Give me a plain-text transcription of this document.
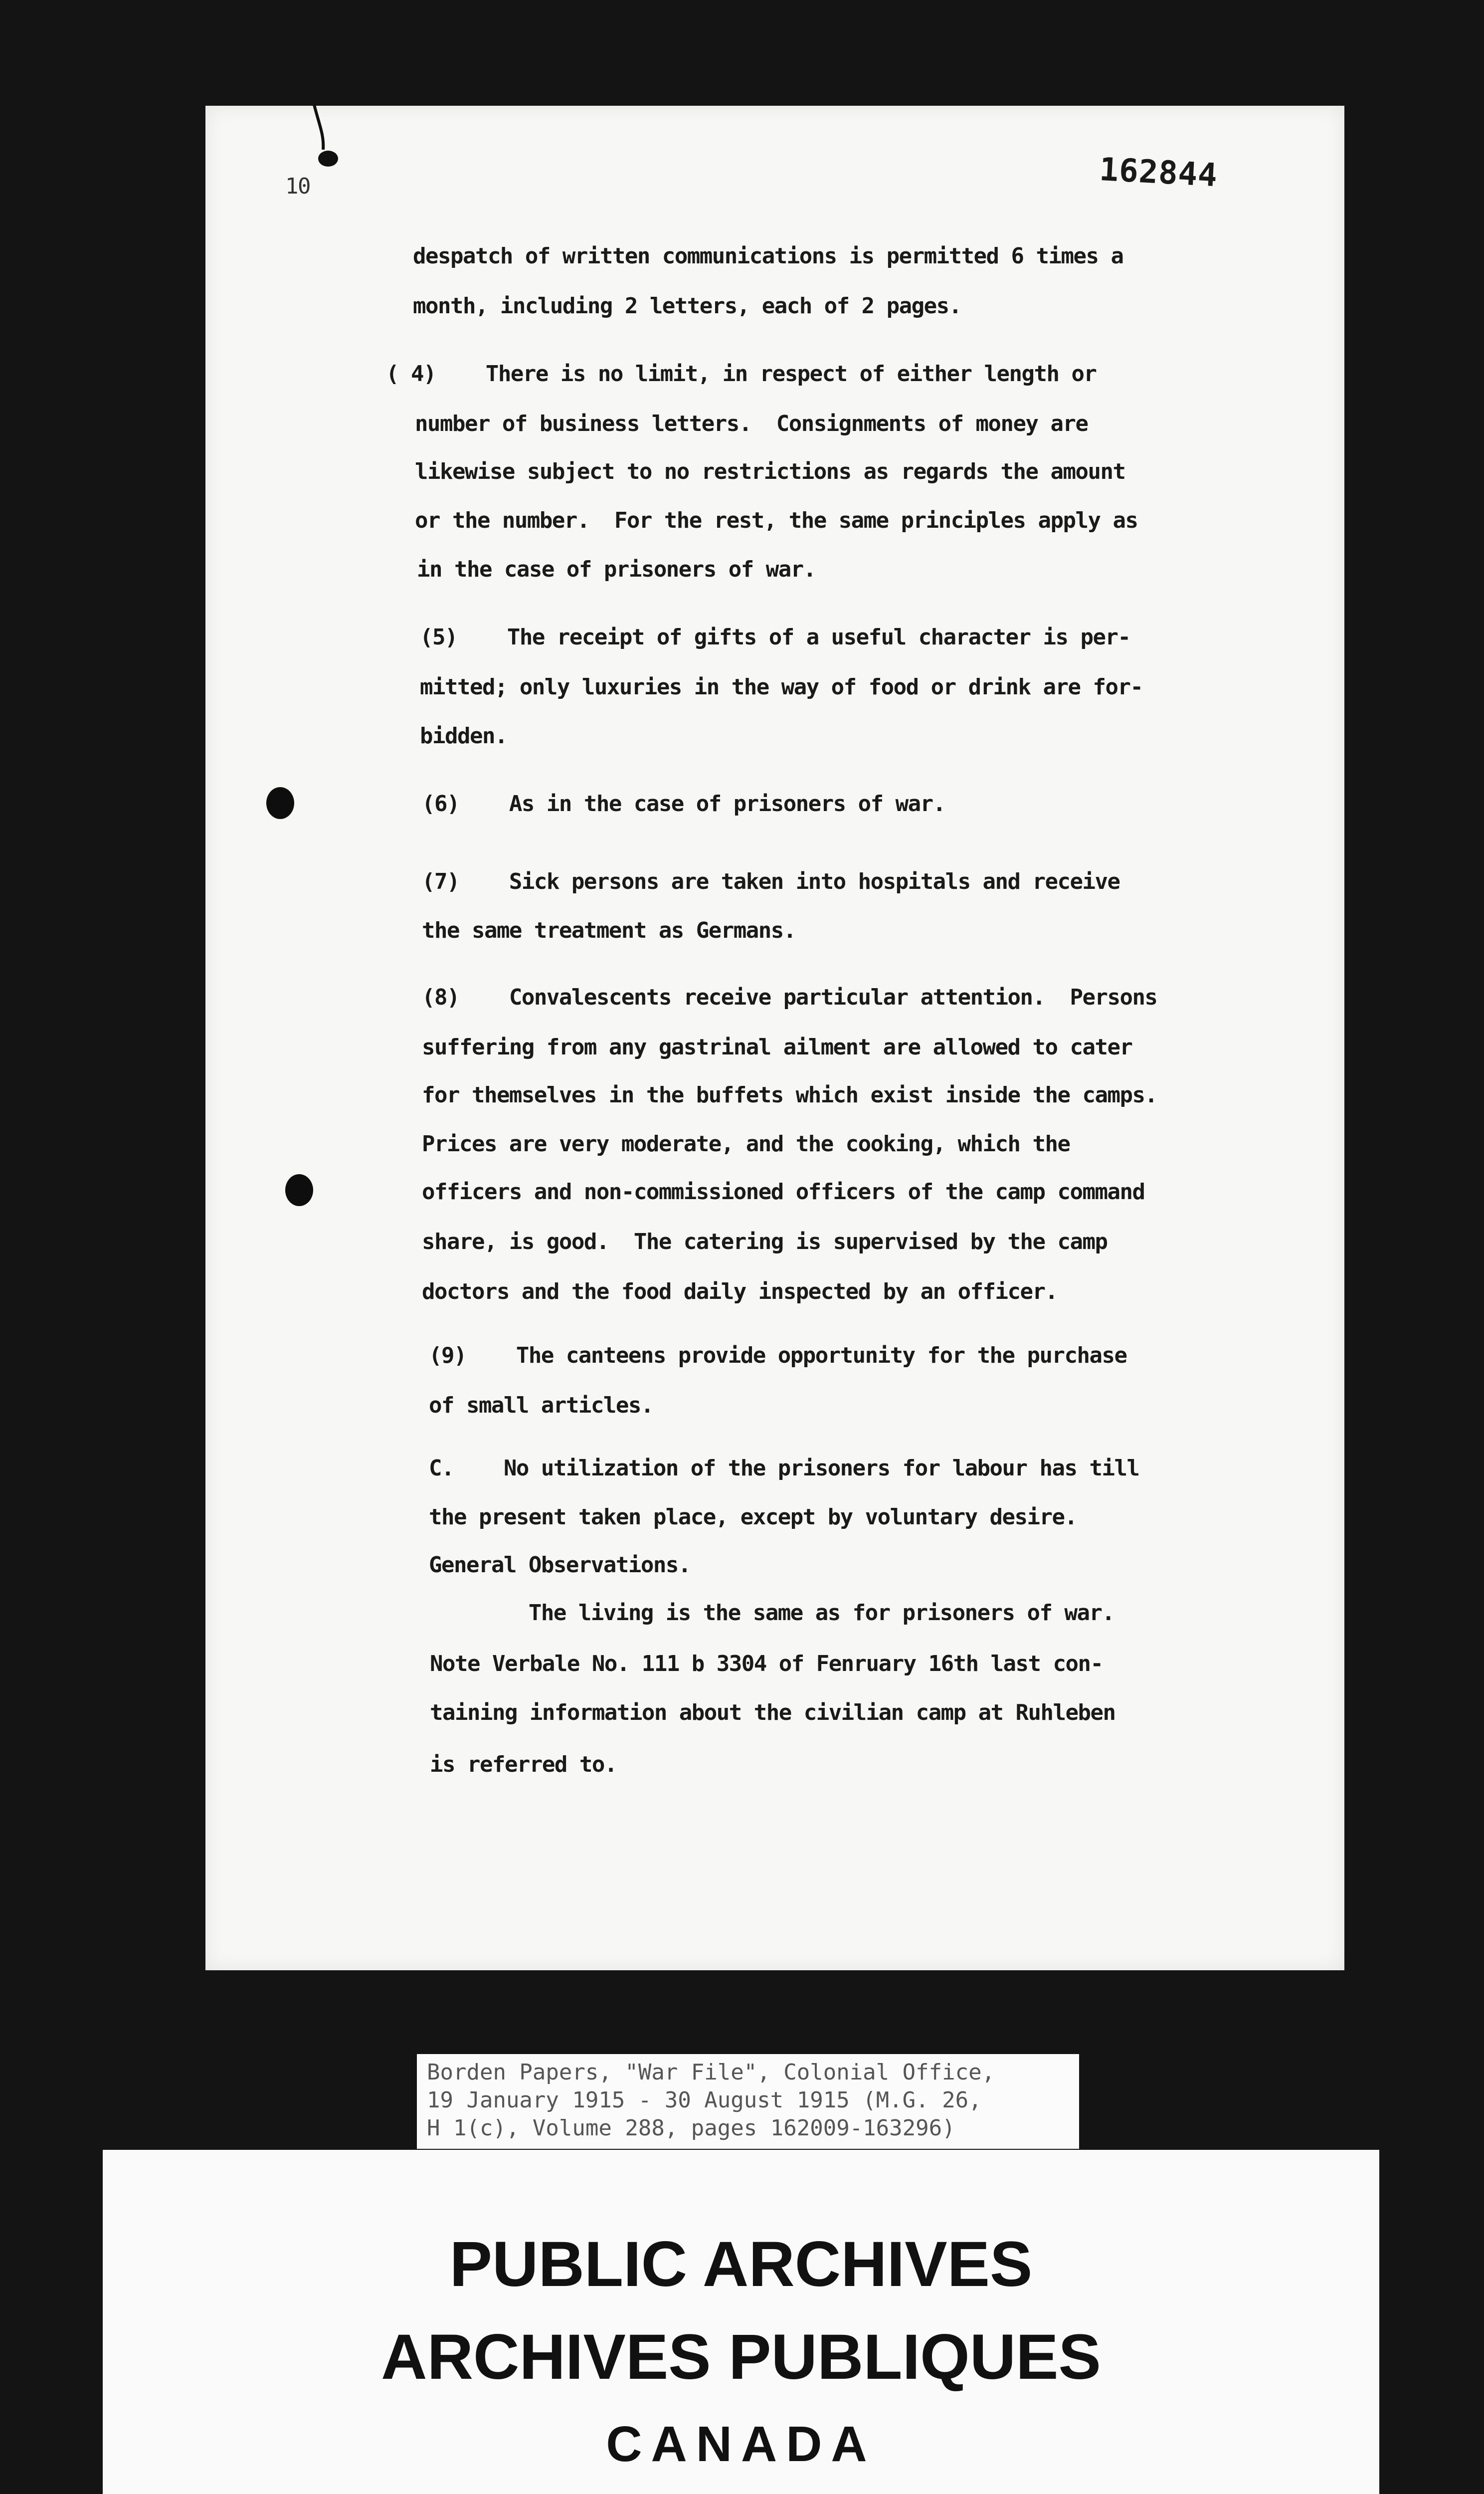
10	162844
despatch of written communications is permitted 6 times a
month, including 2 letters, each of 2 pages.
( 4)    There is no limit, in respect of either length or
number of business letters.  Consignments of money are
likewise subject to no restrictions as regards the amount
or the number.  For the rest, the same principles apply as
in the case of prisoners of war.
(5)    The receipt of gifts of a useful character is per-
mitted; only luxuries in the way of food or drink are for-
bidden.
(6)    As in the case of prisoners of war.
(7)    Sick persons are taken into hospitals and receive
the same treatment as Germans.
(8)    Convalescents receive particular attention.  Persons
suffering from any gastrinal ailment are allowed to cater
for themselves in the buffets which exist inside the camps.
Prices are very moderate, and the cooking, which the
officers and non-commissioned officers of the camp command
share, is good.  The catering is supervised by the camp
doctors and the food daily inspected by an officer.
(9)    The canteens provide opportunity for the purchase
of small articles.
C.    No utilization of the prisoners for labour has till
the present taken place, except by voluntary desire.
General Observations.
The living is the same as for prisoners of war.
Note Verbale No. 111 b 3304 of Fenruary 16th last con-
taining information about the civilian camp at Ruhleben
is referred to.
Borden Papers, "War File", Colonial Office,
19 January 1915 - 30 August 1915 (M.G. 26,
H 1(c), Volume 288, pages 162009-163296)
PUBLIC ARCHIVES
ARCHIVES PUBLIQUES
CANADA
